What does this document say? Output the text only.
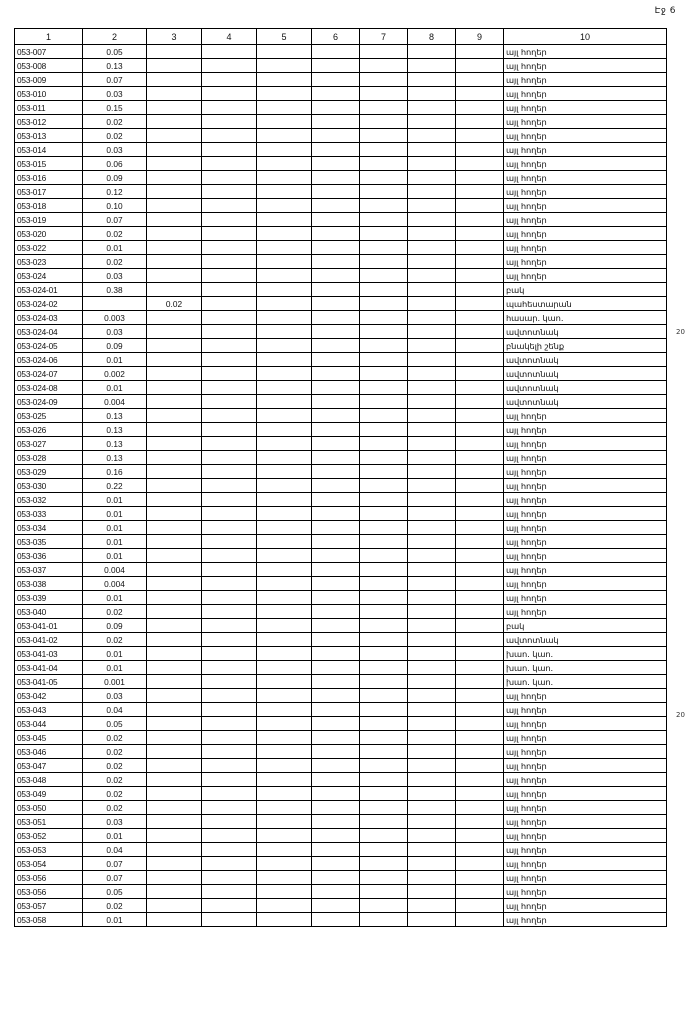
Էջ 6
1	2	3	4	5	6	7	8	9	10
053-007	0.05								այլ հողեր
053-008	0.13								այլ հողեր
053-009	0.07								այլ հողեր
053-010	0.03								այլ հողեր
053-011	0.15								այլ հողեր
053-012	0.02								այլ հողեր
053-013	0.02								այլ հողեր
053-014	0.03								այլ հողեր
053-015	0.06								այլ հողեր
053-016	0.09								այլ հողեր
053-017	0.12								այլ հողեր
053-018	0.10								այլ հողեր
053-019	0.07								այլ հողեր
053-020	0.02								այլ հողեր
053-022	0.01								այլ հողեր
053-023	0.02								այլ հողեր
053-024	0.03								այլ հողեր
053-024-01	0.38								բակ
053-024-02		0.02							պահեստարան
053-024-03	0.003								հասար. կաո.
053-024-04	0.03								ավտոտնակ
053-024-05	0.09								բնակելի շենք
053-024-06	0.01								ավտոտնակ
053-024-07	0.002								ավտոտնակ
053-024-08	0.01								ավտոտնակ
053-024-09	0.004								ավտոտնակ
053-025	0.13								այլ հողեր
053-026	0.13								այլ հողեր
053-027	0.13								այլ հողեր
053-028	0.13								այլ հողեր
053-029	0.16								այլ հողեր
053-030	0.22								այլ հողեր
053-032	0.01								այլ հողեր
053-033	0.01								այլ հողեր
053-034	0.01								այլ հողեր
053-035	0.01								այլ հողեր
053-036	0.01								այլ հողեր
053-037	0.004								այլ հողեր
053-038	0.004								այլ հողեր
053-039	0.01								այլ հողեր
053-040	0.02								այլ հողեր
053-041-01	0.09								բակ
053-041-02	0.02								ավտոտնակ
053-041-03	0.01								խաո. կաո.
053-041-04	0.01								խաո. կաո.
053-041-05	0.001								խաո. կաո.
053-042	0.03								այլ հողեր
053-043	0.04								այլ հողեր
053-044	0.05								այլ հողեր
053-045	0.02								այլ հողեր
053-046	0.02								այլ հողեր
053-047	0.02								այլ հողեր
053-048	0.02								այլ հողեր
053-049	0.02								այլ հողեր
053-050	0.02								այլ հողեր
053-051	0.03								այլ հողեր
053-052	0.01								այլ հողեր
053-053	0.04								այլ հողեր
053-054	0.07								այլ հողեր
053-056	0.07								այլ հողեր
053-056	0.05								այլ հողեր
053-057	0.02								այլ հողեր
053-058	0.01								այլ հողեր
20
20
